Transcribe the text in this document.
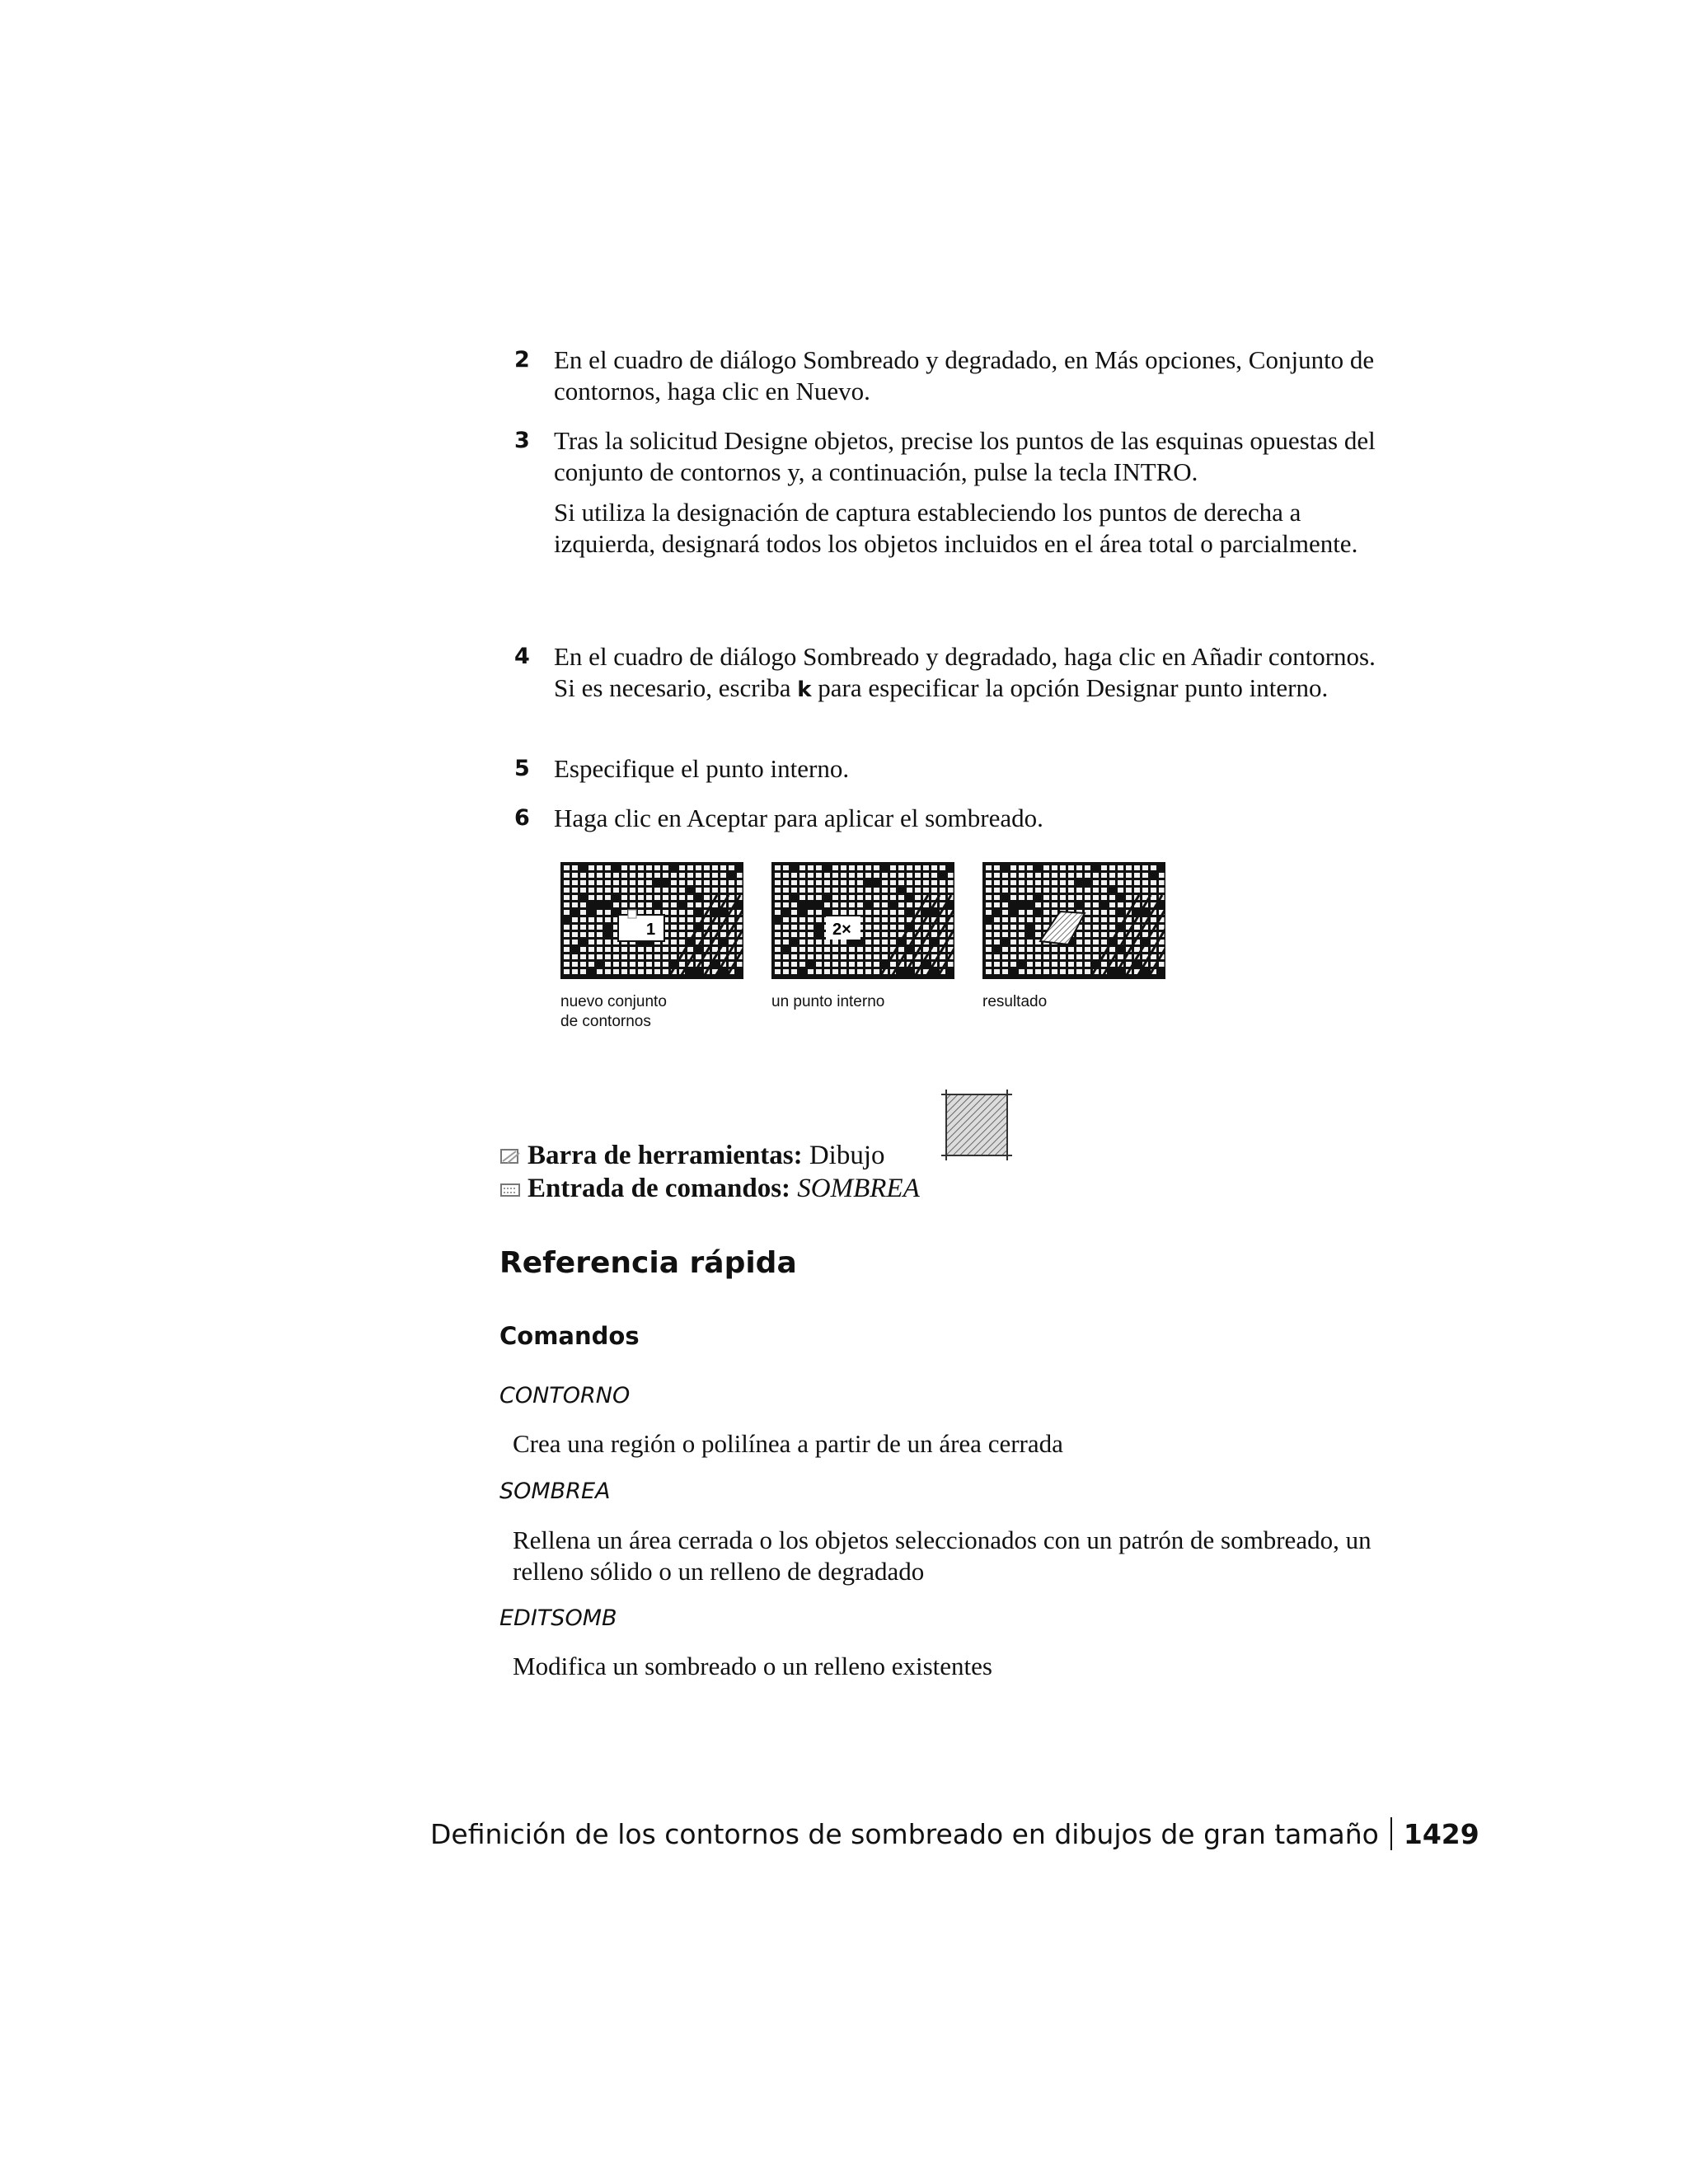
2 En el cuadro de diálogo Sombreado y degradado, en Más opciones, Conjunto de contornos, haga clic en Nuevo.

3 Tras la solicitud Designe objetos, precise los puntos de las esquinas opuestas del conjunto de contornos y, a continuación, pulse la tecla INTRO.

Si utiliza la designación de captura estableciendo los puntos de derecha a izquierda, designará todos los objetos incluidos en el área total o parcialmente.

4 En el cuadro de diálogo Sombreado y degradado, haga clic en Añadir contornos. Si es necesario, escriba k para especificar la opción Designar punto interno.

5 Especifique el punto interno.

6 Haga clic en Aceptar para aplicar el sombreado.

1
nuevo conjunto
de contornos
2×
un punto interno	resultado
Barra de herramientas: Dibujo
Entrada de comandos: SOMBREA
Referencia rápida
Comandos
CONTORNO
Crea una región o polilínea a partir de un área cerrada
SOMBREA
Rellena un área cerrada o los objetos seleccionados con un patrón de sombreado, un relleno sólido o un relleno de degradado
EDITSOMB
Modifica un sombreado o un relleno existentes
Definición de los contornos de sombreado en dibujos de gran tamaño 1429
